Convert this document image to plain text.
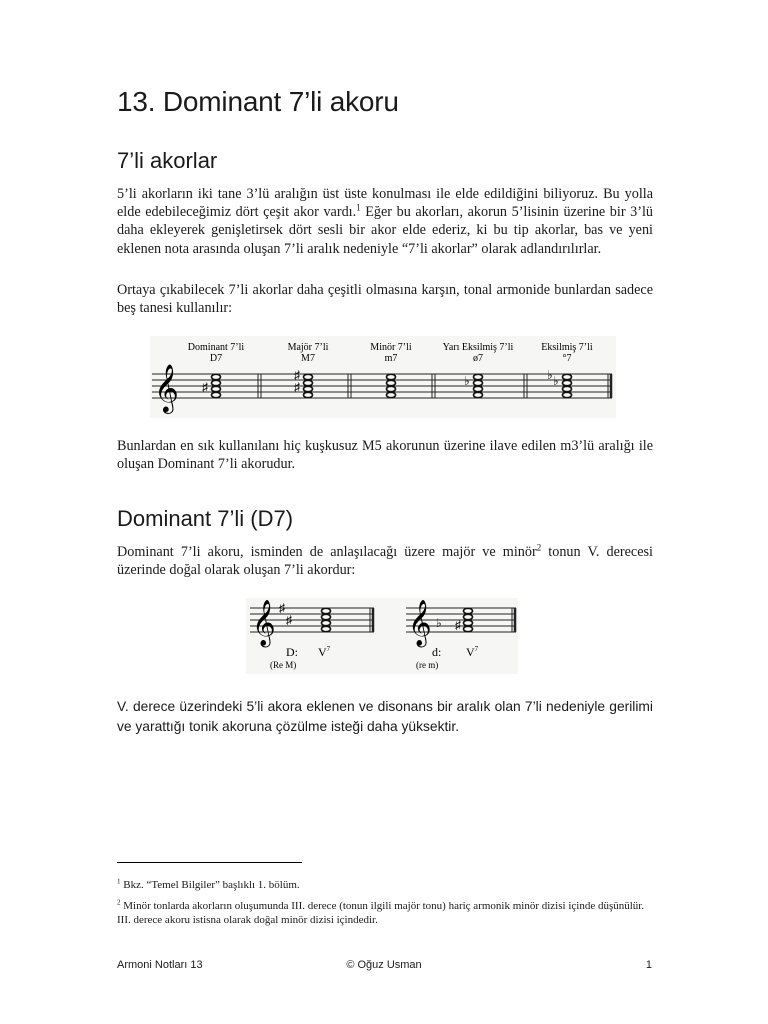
13. Dominant 7’li akoru
7’li akorlar

5’li akorların iki tane 3’lü aralığın üst üste konulması ile elde edildiğini biliyoruz. Bu yolla elde edebileceğimiz dört çeşit akor vardı.$^1$ Eğer bu akorları, akorun 5’lisinin üzerine bir 3’lü daha ekleyerek genişletirsek dört sesli bir akor elde ederiz, ki bu tip akorlar, bas ve yeni eklenen nota arasında oluşan 7’li aralık nedeniyle “7’li akorlar” olarak adlandırılırlar.

Ortaya çıkabilecek 7’li akorlar daha çeşitli olmasına karşın, tonal armonide bunlardan sadece beş tanesi kullanılır:

Dominant 7’li
D7
Majör 7’li
M7
Minör 7’li
m7
Yarı Eksilmiş 7’li
ø7
Eksilmiş 7’li
°7
𝄞 ♯	♯
♯	♭	♭
♭

Bunlardan en sık kullanılanı hiç kuşkusuz M5 akorunun üzerine ilave edilen m3’lü aralığı ile oluşan Dominant 7’li akorudur.

Dominant 7’li (D7)

Dominant 7’li akoru, isminden de anlaşılacağı üzere majör ve minör$^2$ tonun V. derecesi üzerinde doğal olarak oluşan 7’li akordur:

𝄞	𝄞
♯
♯	♭ ♯
D: $V^7$
(Re M)
d: $V^7$
(re m)

V. derece üzerindeki 5’li akora eklenen ve disonans bir aralık olan 7’li nedeniyle gerilimi ve yarattığı tonik akoruna çözülme isteği daha yüksektir.

$^1$ Bkz. “Temel Bilgiler” başlıklı 1. bölüm.

$^2$ Minör tonlarda akorların oluşumunda III. derece (tonun ilgili majör tonu) hariç armonik minör dizisi içinde düşünülür. III. derece akoru istisna olarak doğal minör dizisi içindedir.

Armoni Notları 13	© Oğuz Usman	1
